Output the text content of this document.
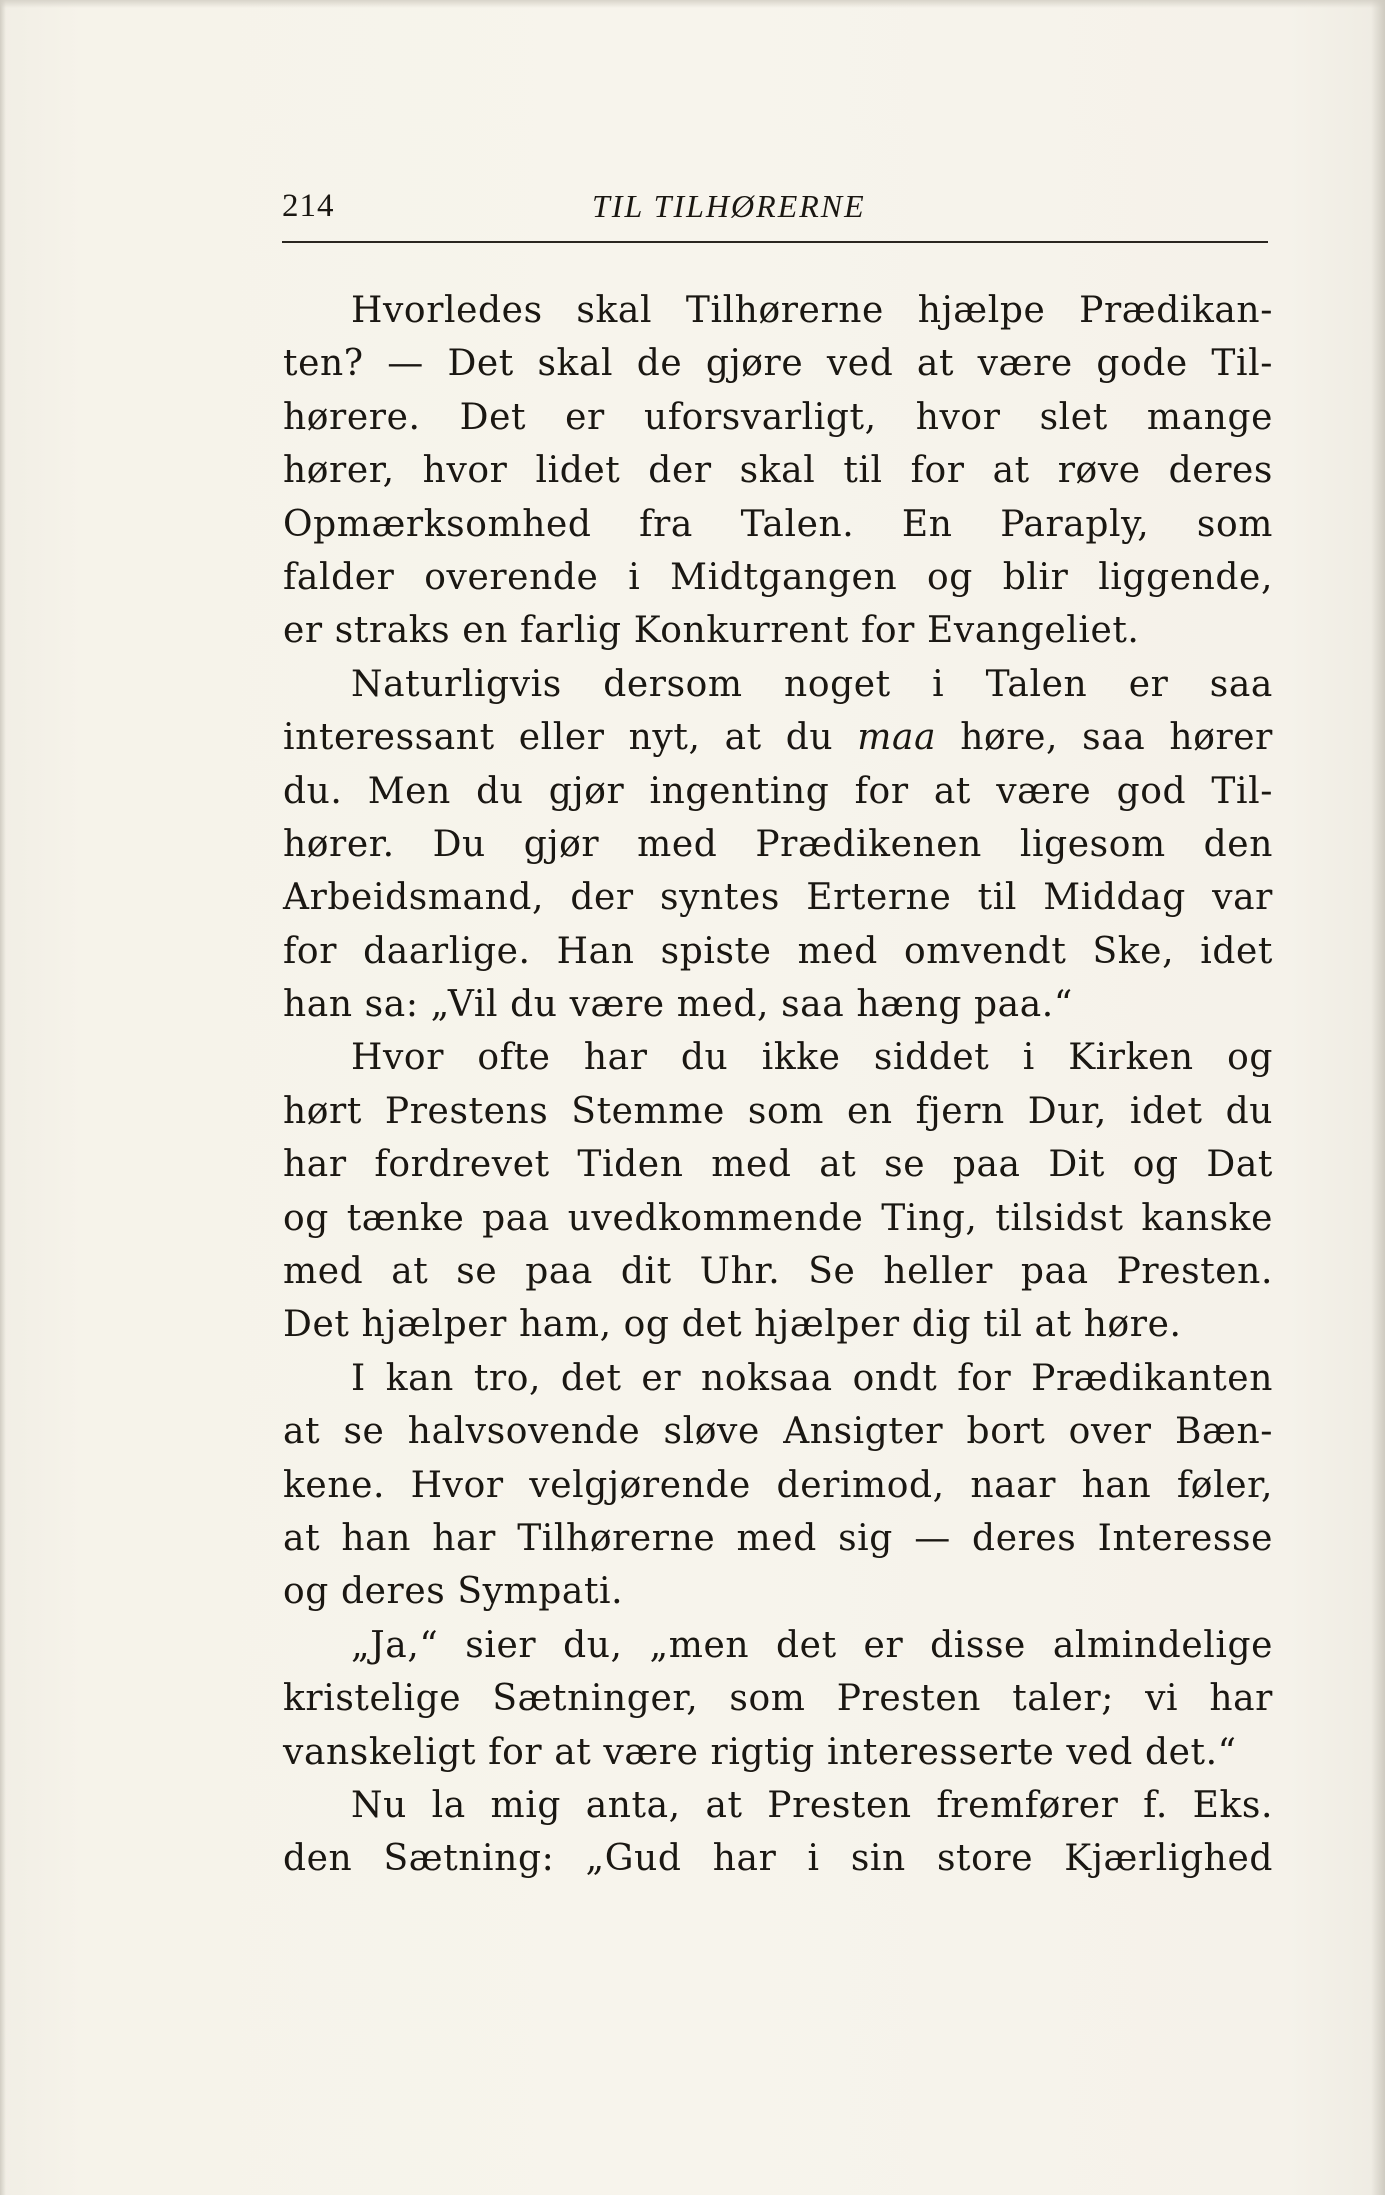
214	TIL TILHØRERNE
Hvorledes skal Tilhørerne hjælpe Prædikan-
ten? — Det skal de gjøre ved at være gode Til-
hørere. Det er uforsvarligt, hvor slet mange
hører, hvor lidet der skal til for at røve deres
Opmærksomhed fra Talen. En Paraply, som
falder overende i Midtgangen og blir liggende,
er straks en farlig Konkurrent for Evangeliet.
Naturligvis dersom noget i Talen er saa
interessant eller nyt, at du maa høre, saa hører
du. Men du gjør ingenting for at være god Til-
hører. Du gjør med Prædikenen ligesom den
Arbeidsmand, der syntes Erterne til Middag var
for daarlige. Han spiste med omvendt Ske, idet
han sa: „Vil du være med, saa hæng paa.“
Hvor ofte har du ikke siddet i Kirken og
hørt Prestens Stemme som en fjern Dur, idet du
har fordrevet Tiden med at se paa Dit og Dat
og tænke paa uvedkommende Ting, tilsidst kanske
med at se paa dit Uhr. Se heller paa Presten.
Det hjælper ham, og det hjælper dig til at høre.
I kan tro, det er noksaa ondt for Prædikanten
at se halvsovende sløve Ansigter bort over Bæn-
kene. Hvor velgjørende derimod, naar han føler,
at han har Tilhørerne med sig — deres Interesse
og deres Sympati.
„Ja,“ sier du, „men det er disse almindelige
kristelige Sætninger, som Presten taler; vi har
vanskeligt for at være rigtig interesserte ved det.“
Nu la mig anta, at Presten fremfører f. Eks.
den Sætning: „Gud har i sin store Kjærlighed
